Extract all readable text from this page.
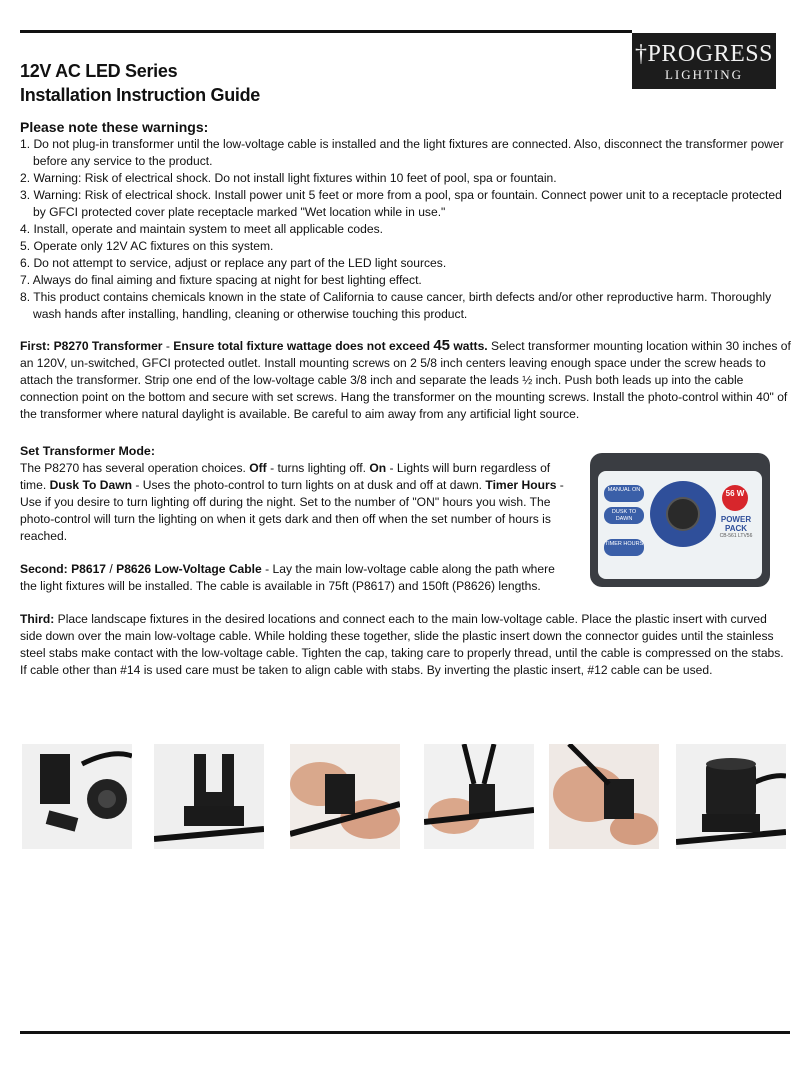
†PROGRESS
LIGHTING
12V AC LED Series
Installation Instruction Guide
Please note these warnings:
1. Do not plug-in transformer until the low-voltage cable is installed and the light fixtures are connected. Also, disconnect the transformer power before any service to the product.
2. Warning: Risk of electrical shock. Do not install light fixtures within 10 feet of pool, spa or fountain.
3. Warning: Risk of electrical shock. Install power unit 5 feet or more from a pool, spa or fountain. Connect power unit to a receptacle protected by GFCI protected cover plate receptacle marked "Wet location while in use."
4. Install, operate and maintain system to meet all applicable codes.
5. Operate only 12V AC fixtures on this system.
6. Do not attempt to service, adjust or replace any part of the LED light sources.
7. Always do final aiming and fixture spacing at night for best lighting effect.
8. This product contains chemicals known in the state of California to cause cancer, birth defects and/or other reproductive harm. Thoroughly wash hands after installing, handling, cleaning or otherwise touching this product.

First: P8270 Transformer - Ensure total fixture wattage does not exceed 45 watts. Select transformer mounting location within 30 inches of an 120V, un-switched, GFCI protected outlet. Install mounting screws on 2 5/8 inch centers leaving enough space under the screw heads to attach the transformer. Strip one end of the low-voltage cable 3/8 inch and separate the leads ½ inch. Push both leads up into the cable connection point on the bottom and secure with set screws. Hang the transformer on the mounting screws. Install the photo-control within 40" of the transformer where natural daylight is available. Be careful to aim away from any artificial light source.

Set Transformer Mode:

The P8270 has several operation choices. Off - turns lighting off. On - Lights will burn regardless of time. Dusk To Dawn - Uses the photo-control to turn lights on at dusk and off at dawn. Timer Hours - Use if you desire to turn lighting off during the night. Set to the number of "ON" hours you wish. The photo-control will turn the lighting on when it gets dark and then off when the set number of hours is reached.

Second: P8617 / P8626 Low-Voltage Cable - Lay the main low-voltage cable along the path where the light fixtures will be installed. The cable is available in 75ft (P8617) and 150ft (P8626) lengths.

Third: Place landscape fixtures in the desired locations and connect each to the main low-voltage cable. Place the plastic insert with curved side down over the main low-voltage cable. While holding these together, slide the plastic insert down the connector guides until the stainless steel stabs make contact with the low-voltage cable. Tighten the cap, taking care to properly thread, until the cable is compressed on the stabs. If cable other than #14 is used care must be taken to align cable with stabs. By inverting the plastic insert, #12 cable can be used.

MANUAL ON
DUSK TO DAWN
TIMER HOURS
56 W
POWER PACK
CB-561 LTV56
